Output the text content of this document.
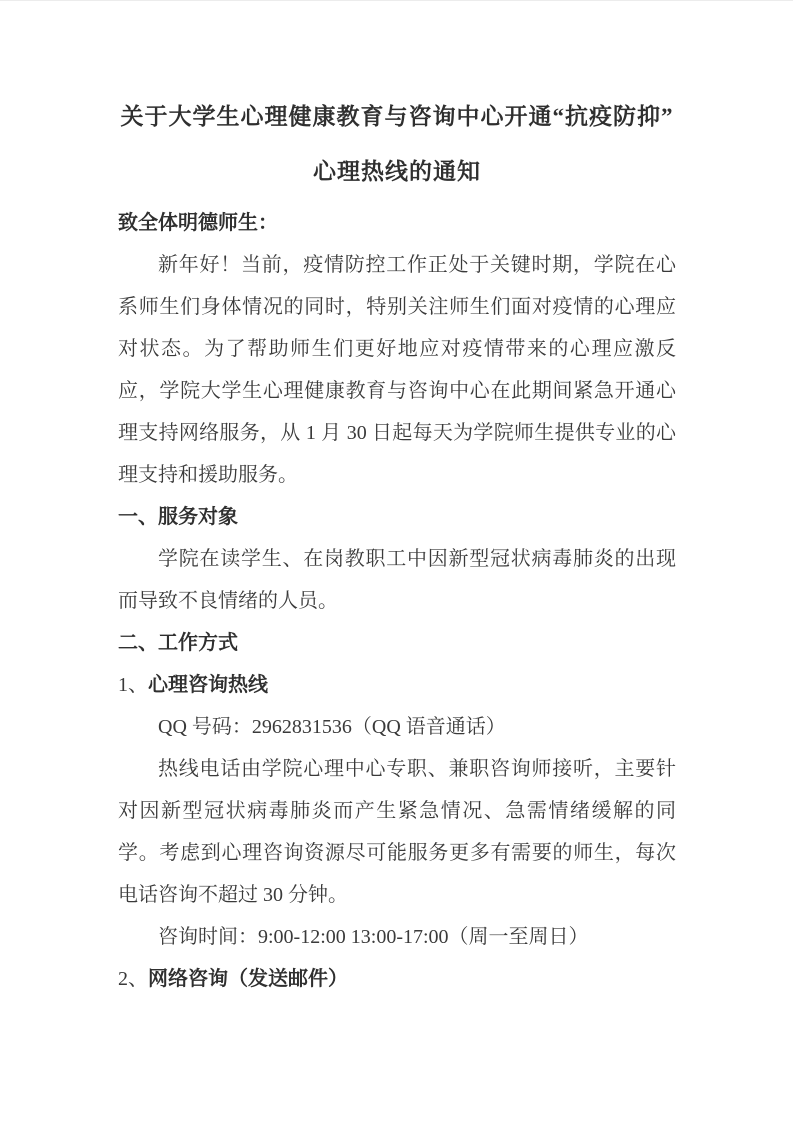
关于大学生心理健康教育与咨询中心开通“抗疫防抑”
心理热线的通知

致全体明德师生：

新年好！当前，疫情防控工作正处于关键时期，学院在心系师生们身体情况的同时，特别关注师生们面对疫情的心理应对状态。为了帮助师生们更好地应对疫情带来的心理应激反应，学院大学生心理健康教育与咨询中心在此期间紧急开通心理支持网络服务，从 1 月 30 日起每天为学院师生提供专业的心理支持和援助服务。

一、服务对象

学院在读学生、在岗教职工中因新型冠状病毒肺炎的出现而导致不良情绪的人员。

二、工作方式

1、心理咨询热线

QQ 号码：2962831536（QQ 语音通话）

热线电话由学院心理中心专职、兼职咨询师接听，主要针对因新型冠状病毒肺炎而产生紧急情况、急需情绪缓解的同学。考虑到心理咨询资源尽可能服务更多有需要的师生，每次电话咨询不超过 30 分钟。

咨询时间：9:00-12:00 13:00-17:00（周一至周日）

2、网络咨询（发送邮件）
